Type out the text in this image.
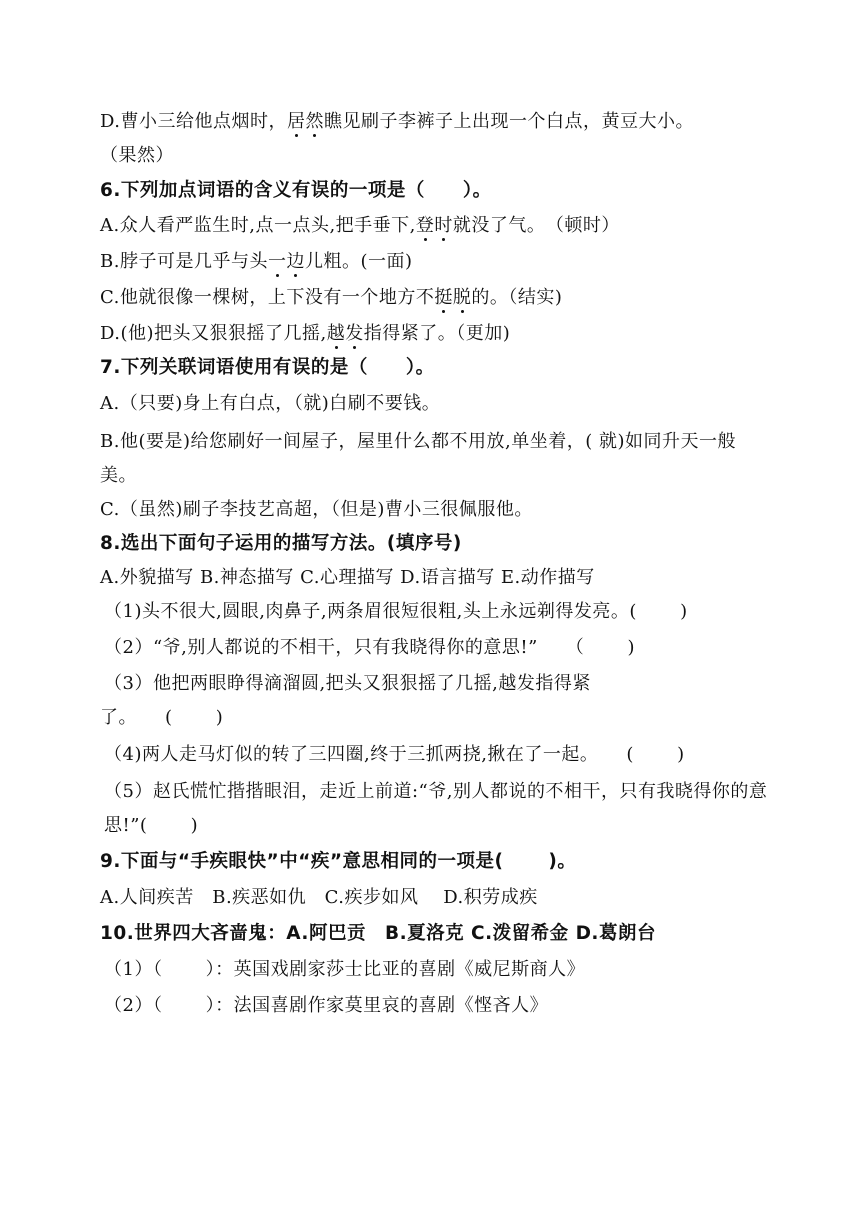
D.曹小三给他点烟时，居然瞧见刷子李裤子上出现一个白点，黄豆大小。
（果然）
6.下列加点词语的含义有误的一项是（　　）。
A.众人看严监生时,点一点头,把手垂下,登时就没了气。　（顿时）
B.脖子可是几乎与头一边儿粗。(一面)
C.他就很像一棵树，上下没有一个地方不挺脱的。（结实)
D.(他)把头又狠狠摇了几摇,越发指得紧了。（更加)
7.下列关联词语使用有误的是（　　）。
A.（只要)身上有白点，（就)白刷不要钱。
B.他(要是)给您刷好一间屋子，屋里什么都不用放,单坐着，( 就)如同升天一般美。
C.（虽然)刷子李技艺高超，（但是)曹小三很佩服他。
8.选出下面句子运用的描写方法。(填序号)
A.外貌描写 B.神态描写 C.心理描写 D.语言描写 E.动作描写
（1)头不很大,圆眼,肉鼻子,两条眉很短很粗,头上永远剃得发亮。(　　 )
（2）“爷,别人都说的不相干，只有我晓得你的意思!”　　（　　 )
（3）他把两眼睁得滴溜圆,把头又狠狠摇了几摇,越发指得紧
了。　　(　　 )
（4)两人走马灯似的转了三四圈,终于三抓两挠,揪在了一起。　　(　　 )
（5）赵氏慌忙揩揩眼泪，走近上前道:“爷,别人都说的不相干，只有我晓得你的意思!”(　　 )
9.下面与“手疾眼快”中“疾”意思相同的一项是(　　 )。
A.人间疾苦　B.疾恶如仇　C.疾步如风　 D.积劳成疾
10.世界四大吝啬鬼：A.阿巴贡　B.夏洛克 C.泼留希金 D.葛朗台
（1）（　　 ）：英国戏剧家莎士比亚的喜剧《威尼斯商人》
（2）（　　 ）：法国喜剧作家莫里哀的喜剧《悭吝人》
